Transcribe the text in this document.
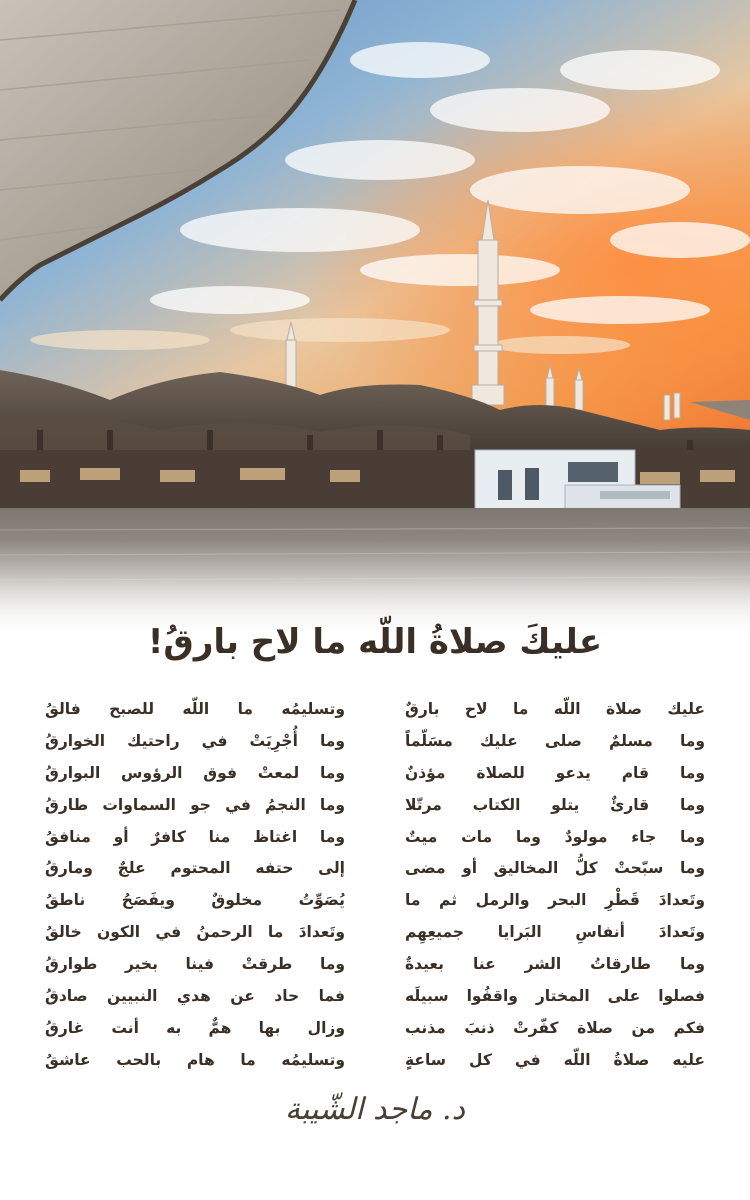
عليكَ صلاةُ اللّه ما لاح بارقُ!
عليك صلاة اللّه ما لاح بارقٌ
وما مسلمٌ صلى عليك مسَلّماً
وما قام يدعو للصلاة مؤذنٌ
وما قارئٌ يتلو الكتاب مرتّلا
وما جاء مولودٌ وما مات ميتٌ
وما سبّحتْ كلُّ المخاليق أو مضى
وتَعدادَ قَطْرِ البحر والرمل ثم ما
وتَعدادَ أنفاسِ البَرايا جميعِهِم
وما طارقاتُ الشر عنا بعيدةٌ
فصلوا على المختار واقفُوا سبيلَه
فكم من صلاة كفّرتْ ذنبَ مذنب
عليه صلاةُ اللّه في كل ساعةٍ
وتسليمُه ما اللّه للصبح فالقُ
وما أُجْرِيَتْ في راحتيك الخوارقُ
وما لمعتْ فوق الرؤوس البوارقُ
وما النجمُ في جو السماوات طارقُ
وما اغتاظ منا كافرٌ أو منافقُ
إلى حتفه المحتوم علجٌ ومارقُ
يُصَوِّتُ مخلوقٌ ويفَصَحُ ناطقُ
وتَعدادَ ما الرحمنُ في الكون خالقُ
وما طرقتْ فينا بخير طوارقُ
فما حاد عن هدي النبيين صادقُ
وزال بها همٌّ به أنت غارقُ
وتسليمُه ما هام بالحب عاشقُ
د. ماجد الشّيبة
